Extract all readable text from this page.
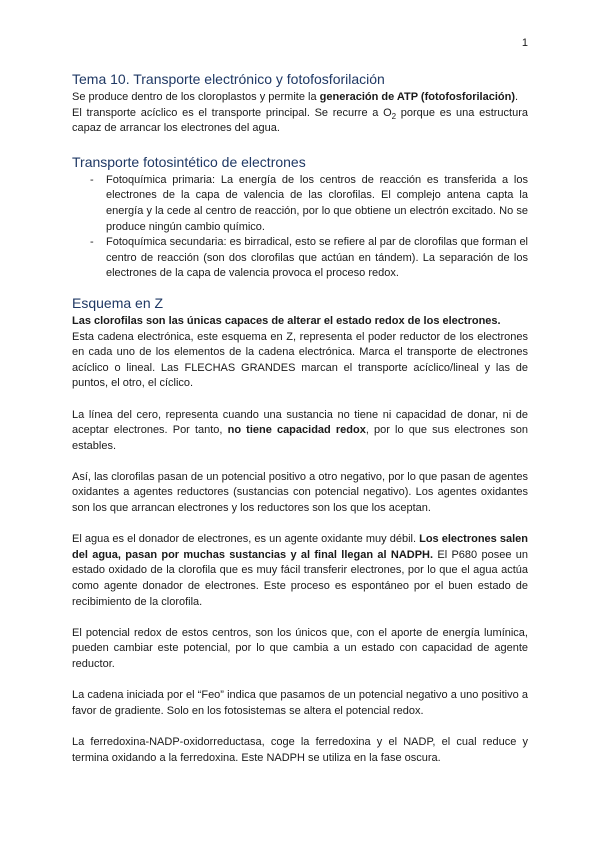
1
Tema 10. Transporte electrónico y fotofosforilación

Se produce dentro de los cloroplastos y permite la generación de ATP (fotofosforilación).

El transporte acíclico es el transporte principal. Se recurre a $O_2$ porque es una estructura capaz de arrancar los electrones del agua.

Transporte fotosintético de electrones
- Fotoquímica primaria: La energía de los centros de reacción es transferida a los electrones de la capa de valencia de las clorofilas. El complejo antena capta la energía y la cede al centro de reacción, por lo que obtiene un electrón excitado. No se produce ningún cambio químico.
- Fotoquímica secundaria: es birradical, esto se refiere al par de clorofilas que forman el centro de reacción (son dos clorofilas que actúan en tándem). La separación de los electrones de la capa de valencia provoca el proceso redox.
Esquema en Z

Las clorofilas son las únicas capaces de alterar el estado redox de los electrones.

Esta cadena electrónica, este esquema en Z, representa el poder reductor de los electrones en cada uno de los elementos de la cadena electrónica. Marca el transporte de electrones acíclico o lineal. Las FLECHAS GRANDES marcan el transporte acíclico/lineal y las de puntos, el otro, el cíclico.

La línea del cero, representa cuando una sustancia no tiene ni capacidad de donar, ni de aceptar electrones. Por tanto, no tiene capacidad redox, por lo que sus electrones son estables.

Así, las clorofilas pasan de un potencial positivo a otro negativo, por lo que pasan de agentes oxidantes a agentes reductores (sustancias con potencial negativo). Los agentes oxidantes son los que arrancan electrones y los reductores son los que los aceptan.

El agua es el donador de electrones, es un agente oxidante muy débil. Los electrones salen del agua, pasan por muchas sustancias y al final llegan al NADPH. El P680 posee un estado oxidado de la clorofila que es muy fácil transferir electrones, por lo que el agua actúa como agente donador de electrones. Este proceso es espontáneo por el buen estado de recibimiento de la clorofila.

El potencial redox de estos centros, son los únicos que, con el aporte de energía lumínica, pueden cambiar este potencial, por lo que cambia a un estado con capacidad de agente reductor.

La cadena iniciada por el “Feo” indica que pasamos de un potencial negativo a uno positivo a favor de gradiente. Solo en los fotosistemas se altera el potencial redox.

La ferredoxina-NADP-oxidorreductasa, coge la ferredoxina y el NADP, el cual reduce y termina oxidando a la ferredoxina. Este NADPH se utiliza en la fase oscura.
